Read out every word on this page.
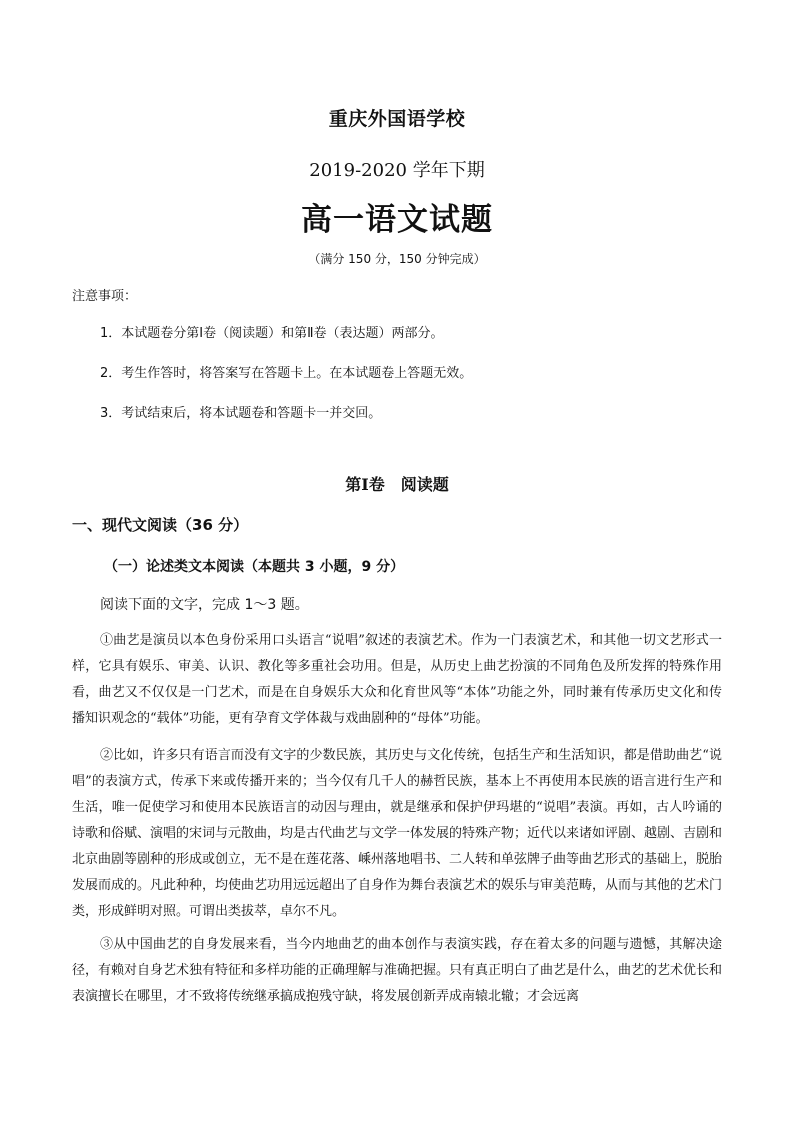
重庆外国语学校
2019-2020 学年下期
高一语文试题
（满分 150 分，150 分钟完成）
注意事项：
1．本试题卷分第Ⅰ卷（阅读题）和第Ⅱ卷（表达题）两部分。
2．考生作答时，将答案写在答题卡上。在本试题卷上答题无效。
3．考试结束后，将本试题卷和答题卡一并交回。
第Ⅰ卷　阅读题
一、现代文阅读（36 分）
（一）论述类文本阅读（本题共 3 小题，9 分）
阅读下面的文字，完成 1～3 题。
①曲艺是演员以本色身份采用口头语言“说唱”叙述的表演艺术。作为一门表演艺术，和其他一切文艺形式一样，它具有娱乐、审美、认识、教化等多重社会功用。但是，从历史上曲艺扮演的不同角色及所发挥的特殊作用看，曲艺又不仅仅是一门艺术，而是在自身娱乐大众和化育世风等“本体”功能之外，同时兼有传承历史文化和传播知识观念的“载体”功能，更有孕育文学体裁与戏曲剧种的“母体”功能。
②比如，许多只有语言而没有文字的少数民族，其历史与文化传统，包括生产和生活知识，都是借助曲艺“说唱”的表演方式，传承下来或传播开来的；当今仅有几千人的赫哲民族，基本上不再使用本民族的语言进行生产和生活，唯一促使学习和使用本民族语言的动因与理由，就是继承和保护伊玛堪的“说唱”表演。再如，古人吟诵的诗歌和俗赋、演唱的宋词与元散曲，均是古代曲艺与文学一体发展的特殊产物；近代以来诸如评剧、越剧、吉剧和北京曲剧等剧种的形成或创立，无不是在莲花落、嵊州落地唱书、二人转和单弦牌子曲等曲艺形式的基础上，脱胎发展而成的。凡此种种，均使曲艺功用远远超出了自身作为舞台表演艺术的娱乐与审美范畴，从而与其他的艺术门类，形成鲜明对照。可谓出类拔萃，卓尔不凡。
③从中国曲艺的自身发展来看，当今内地曲艺的曲本创作与表演实践，存在着太多的问题与遗憾，其解决途径，有赖对自身艺术独有特征和多样功能的正确理解与准确把握。只有真正明白了曲艺是什么，曲艺的艺术优长和表演擅长在哪里，才不致将传统继承搞成抱残守缺，将发展创新弄成南辕北辙；才会远离
